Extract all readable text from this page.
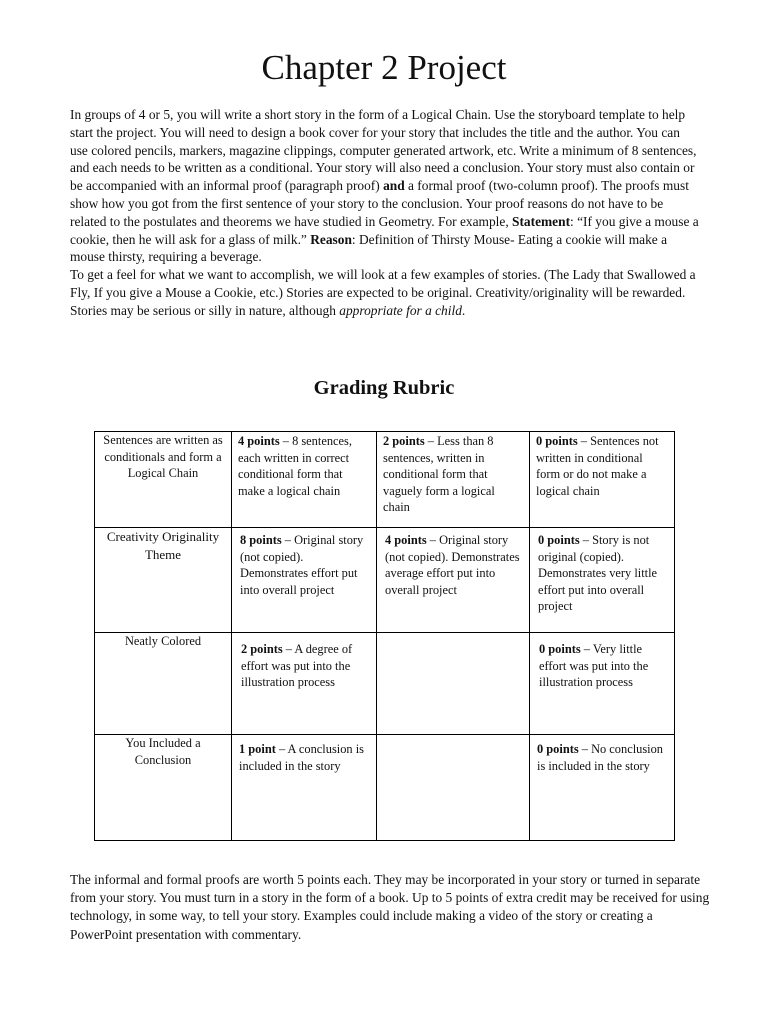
Chapter 2 Project

In groups of 4 or 5, you will write a short story in the form of a Logical Chain. Use the storyboard template to help start the project. You will need to design a book cover for your story that includes the title and the author. You can use colored pencils, markers, magazine clippings, computer generated artwork, etc. Write a minimum of 8 sentences, and each needs to be written as a conditional. Your story will also need a conclusion. Your story must also contain or be accompanied with an informal proof (paragraph proof) and a formal proof (two-column proof). The proofs must show how you got from the first sentence of your story to the conclusion. Your proof reasons do not have to be related to the postulates and theorems we have studied in Geometry. For example, Statement: “If you give a mouse a cookie, then he will ask for a glass of milk.” Reason: Definition of Thirsty Mouse- Eating a cookie will make a mouse thirsty, requiring a beverage.

To get a feel for what we want to accomplish, we will look at a few examples of stories. (The Lady that Swallowed a Fly, If you give a Mouse a Cookie, etc.) Stories are expected to be original. Creativity/originality will be rewarded. Stories may be serious or silly in nature, although appropriate for a child.

Grading Rubric
Sentences are written as conditionals and form a Logical Chain	4 points – 8 sentences, each written in correct conditional form that make a logical chain	2 points – Less than 8 sentences, written in conditional form that vaguely form a logical chain	0 points – Sentences not written in conditional form or do not make a logical chain

Creativity Originality Theme	8 points – Original story (not copied). Demonstrates effort put into overall project	4 points – Original story (not copied). Demonstrates average effort put into overall project	0 points – Story is not original (copied). Demonstrates very little effort put into overall project

Neatly Colored	2 points – A degree of effort was put into the illustration process		0 points – Very little effort was put into the illustration process

You Included a Conclusion	1 point – A conclusion is included in the story		0 points – No conclusion is included in the story
The informal and formal proofs are worth 5 points each. They may be incorporated in your story or turned in separate from your story. You must turn in a story in the form of a book. Up to 5 points of extra credit may be received for using technology, in some way, to tell your story. Examples could include making a video of the story or creating a PowerPoint presentation with commentary.
